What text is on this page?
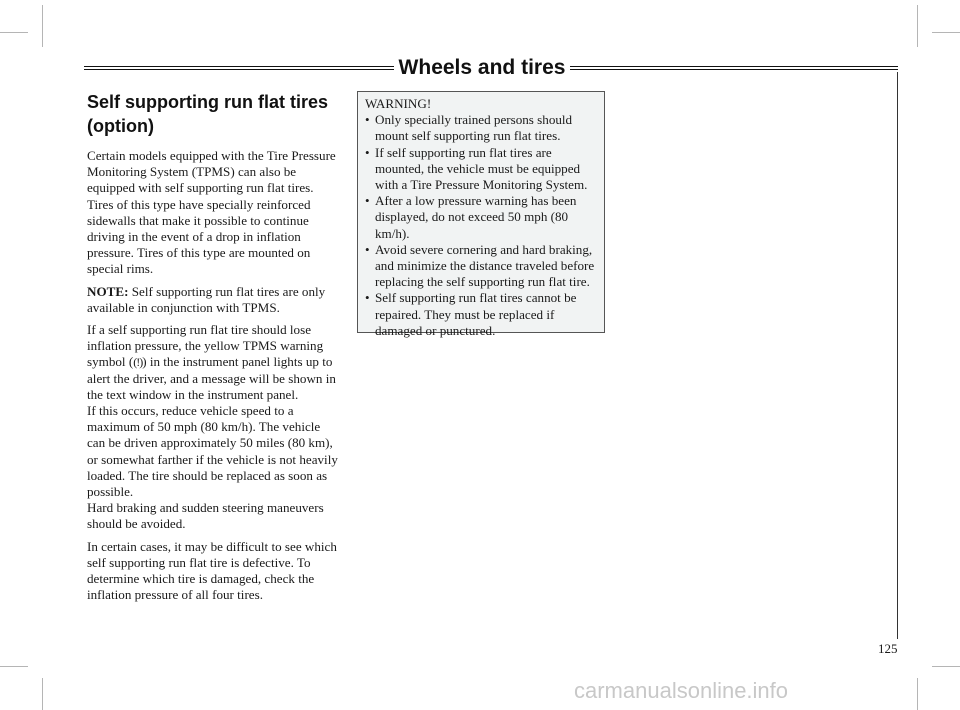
Wheels and tires
Self supporting run flat tires (option)

Certain models equipped with the Tire Pressure Monitoring System (TPMS) can also be equipped with self supporting run flat tires. Tires of this type have specially reinforced sidewalls that make it possible to continue driving in the event of a drop in inflation pressure. Tires of this type are mounted on special rims.

NOTE: Self supporting run flat tires are only available in conjunction with TPMS.

If a self supporting run flat tire should lose inflation pressure, the yellow TPMS warning symbol ((!)) in the instrument panel lights up to alert the driver, and a message will be shown in the text window in the instrument panel.
If this occurs, reduce vehicle speed to a maximum of 50 mph (80 km/h). The vehicle can be driven approximately 50 miles (80 km), or somewhat farther if the vehicle is not heavily loaded. The tire should be replaced as soon as possible.
Hard braking and sudden steering maneuvers should be avoided.

In certain cases, it may be difficult to see which self supporting run flat tire is defective. To determine which tire is damaged, check the inflation pressure of all four tires.

WARNING!

• Only specially trained persons should mount self supporting run flat tires.
• If self supporting run flat tires are mounted, the vehicle must be equipped with a Tire Pressure Monitoring System.
• After a low pressure warning has been displayed, do not exceed 50 mph (80 km/h).
• Avoid severe cornering and hard braking, and minimize the distance traveled before replacing the self supporting run flat tire.
• Self supporting run flat tires cannot be repaired. They must be replaced if damaged or punctured.
125
carmanualsonline.info
